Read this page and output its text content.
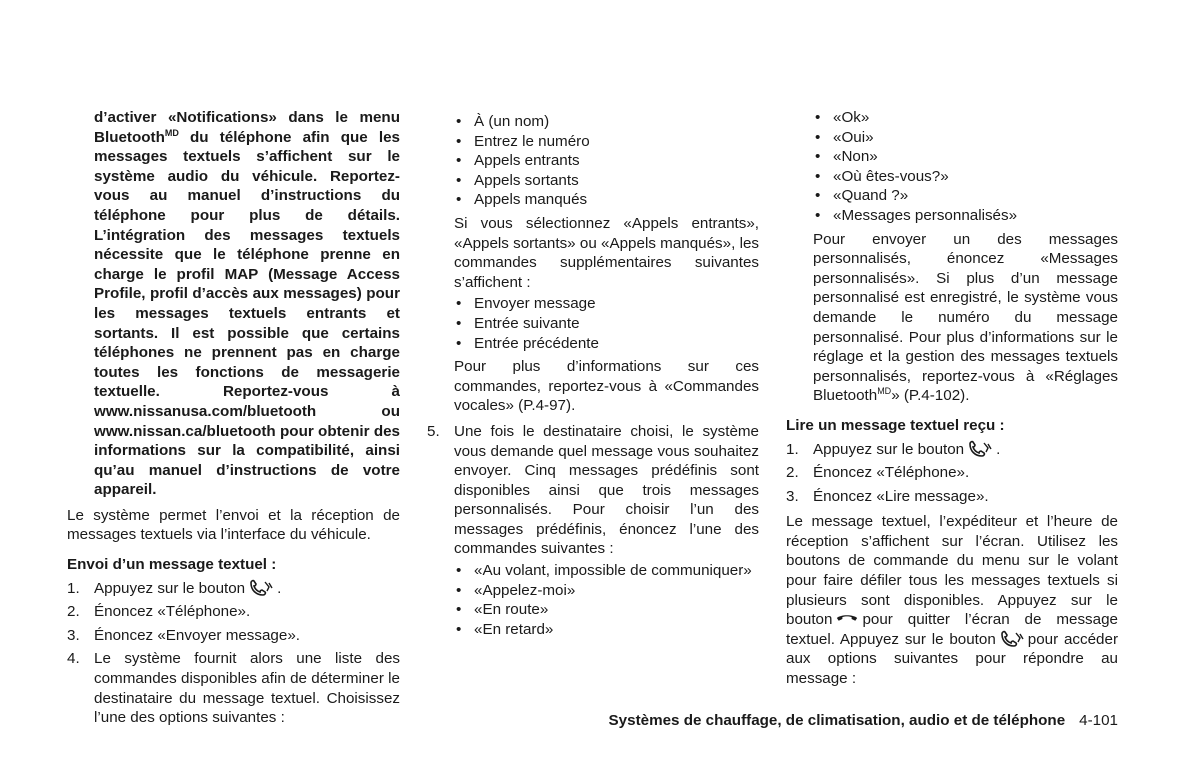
d’activer «Notifications» dans le menu Bluetooth$^{MD}$ du téléphone afin que les messages textuels s’affichent sur le système audio du véhicule. Reportez-vous au manuel d’instructions du téléphone pour plus de détails. L’intégration des messages textuels nécessite que le téléphone prenne en charge le profil MAP (Message Access Profile, profil d’accès aux messages) pour les messages textuels entrants et sortants. Il est possible que certains téléphones ne prennent pas en charge toutes les fonctions de messagerie textuelle. Reportez-vous à www.nissanusa.com/bluetooth ou www.nissan.ca/bluetooth pour obtenir des informations sur la compatibilité, ainsi qu’au manuel d’instructions de votre appareil.

Le système permet l’envoi et la réception de messages textuels via l’interface du véhicule.

Envoi d’un message textuel :

1. Appuyez sur le bouton .
2. Énoncez «Téléphone».
3. Énoncez «Envoyer message».
4. Le système fournit alors une liste des commandes disponibles afin de déterminer le destinataire du message textuel. Choisissez l’une des options suivantes :
• À (un nom)
• Entrez le numéro
• Appels entrants
• Appels sortants
• Appels manqués

Si vous sélectionnez «Appels entrants», «Appels sortants» ou «Appels manqués», les commandes supplémentaires suivantes s’affichent :

• Envoyer message
• Entrée suivante
• Entrée précédente

Pour plus d’informations sur ces commandes, reportez-vous à «Commandes vocales» (P.4-97).

5. Une fois le destinataire choisi, le système vous demande quel message vous souhaitez envoyer. Cinq messages prédéfinis sont disponibles ainsi que trois messages personnalisés. Pour choisir l’un des messages prédéfinis, énoncez l’une des commandes suivantes :
• «Au volant, impossible de communiquer»
• «Appelez-moi»
• «En route»
• «En retard»
• «Ok»
• «Oui»
• «Non»
• «Où êtes-vous?»
• «Quand ?»
• «Messages personnalisés»

Pour envoyer un des messages personnalisés, énoncez «Messages personnalisés». Si plus d’un message personnalisé est enregistré, le système vous demande le numéro du message personnalisé. Pour plus d’informations sur le réglage et la gestion des messages textuels personnalisés, reportez-vous à «Réglages Bluetooth$^{MD}$» (P.4-102).

Lire un message textuel reçu :

1. Appuyez sur le bouton .
2. Énoncez «Téléphone».
3. Énoncez «Lire message».

Le message textuel, l’expéditeur et l’heure de réception s’affichent sur l’écran. Utilisez les boutons de commande du menu sur le volant pour faire défiler tous les messages textuels si plusieurs sont disponibles. Appuyez sur le bouton pour quitter l’écran de message textuel. Appuyez sur le bouton pour accéder aux options suivantes pour répondre au message :

Systèmes de chauffage, de climatisation, audio et de téléphone 4-101
